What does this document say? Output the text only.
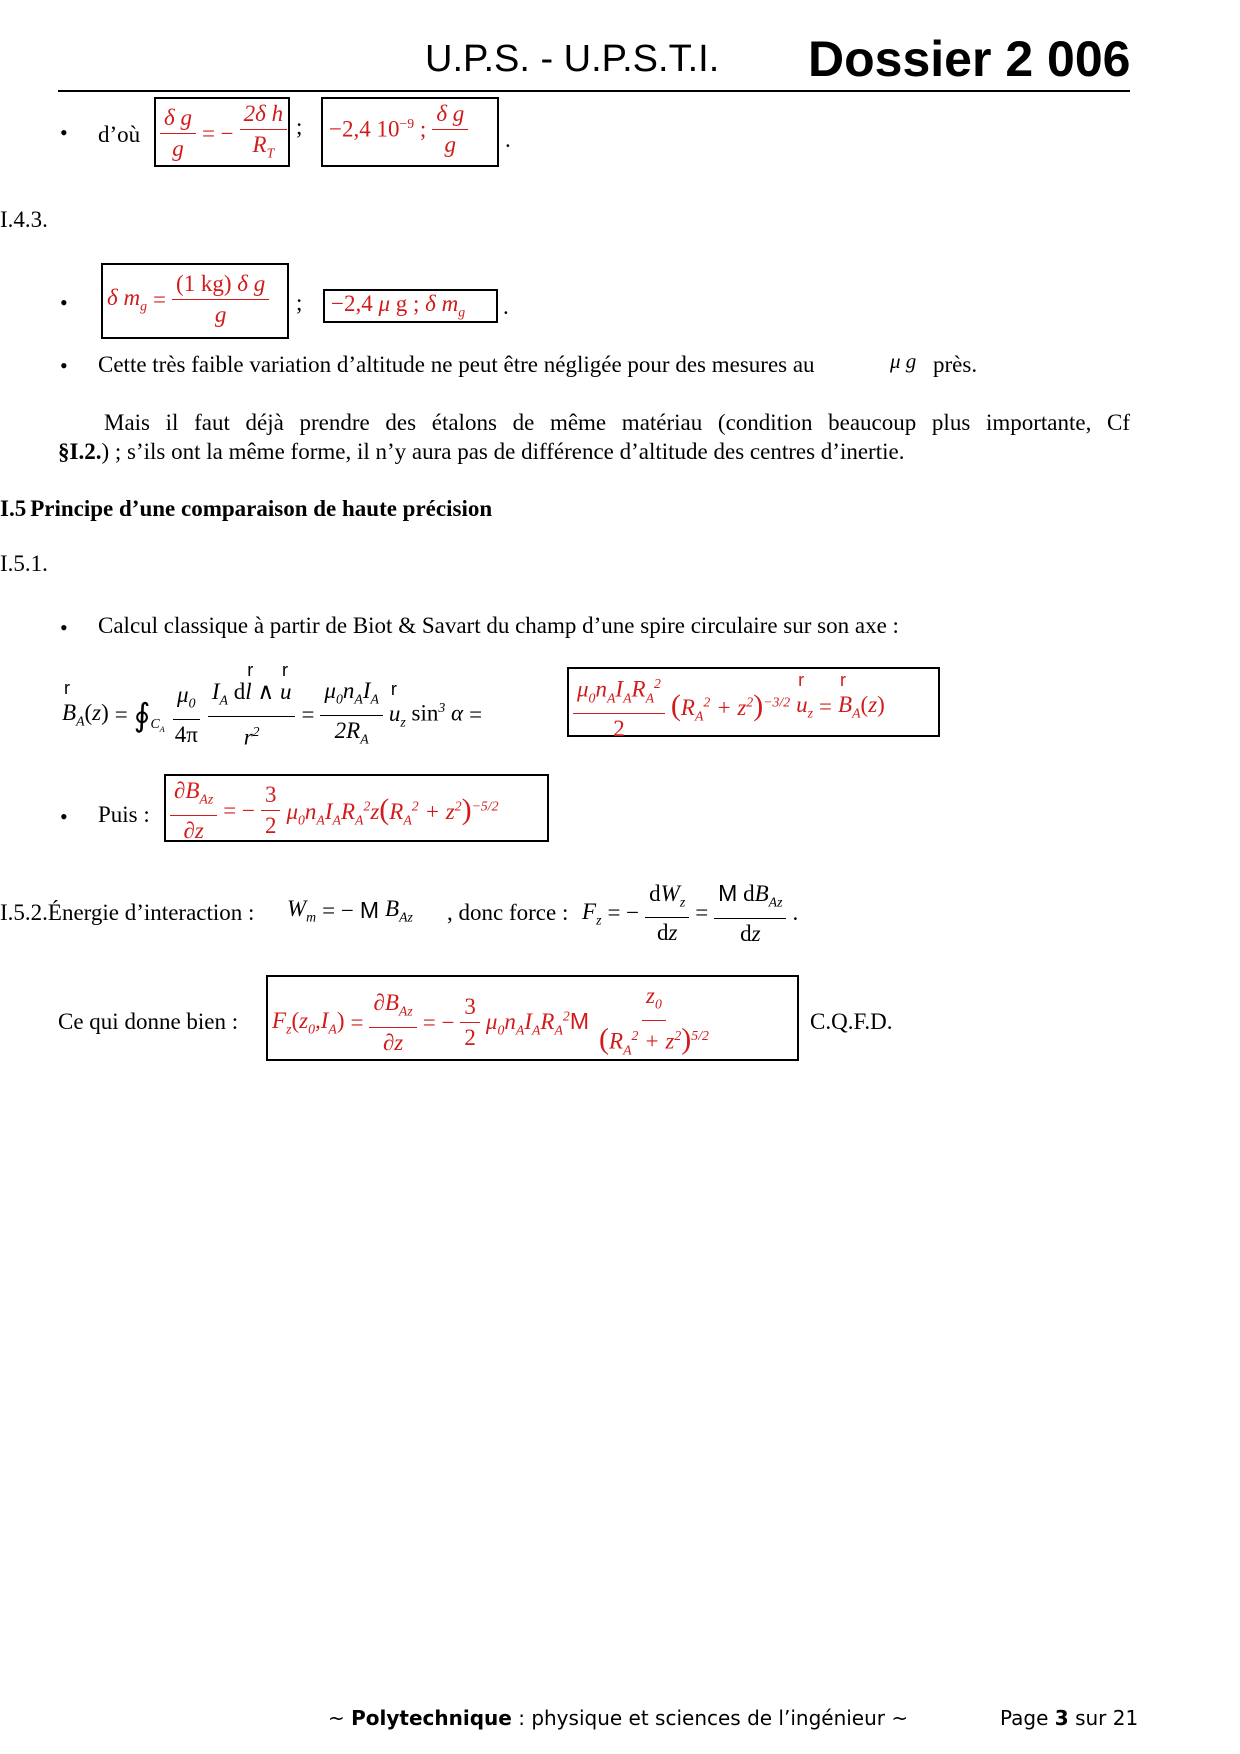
U.P.S. - U.P.S.T.I. Dossier 2 006
• d’où $\frac{\text{δ g}}{g}$ = − $\frac{\text{2δ h}}{R_T}$ ; −2,4 $10^{-9}$ ; $\frac{\text{δ g}}{g}$ .
I.4.3.
• δ $m_g = \frac{\text{(1 kg) δ g}}{g}$ ; −2,4 μ g ; δ $m_g$ .
• Cette très faible variation d’altitude ne peut être négligée pour des mesures au	μ g près.
Mais il faut déjà prendre des étalons de même matériau (condition beaucoup plus importante, Cf
§I.2.) ; s’ils ont la même forme, il n’y aura pas de différence d’altitude des centres d’inertie.
I.5 Principe d’une comparaison de haute précision
I.5.1.
• Calcul classique à partir de Biot & Savart du champ d’une spire circulaire sur son axe :
r $B_A(z)$ = $∮_{C_A} \frac{\mu_0}{4\pi} \frac{I_A dr l \wedge r u}{r^2} = \frac{\mu_0n_AI_A}{2R_A}$
r $u_z$ $\sin^3 \alpha$ =	$\frac{\mu_0n_AI_AR_A^2}{2} (R_A^2 + z^2)^{-3/2}$
r $u_z$ =
r $B_A(z)$
• Puis : $\frac{\partial B_{Az}}{\partial z}$ = − $\frac{3}{2} \mu_0n_AI_AR_A^2z(R_A^2 + z^2)^{-5/2}$
I.5.2.Énergie d’interaction : $W_m$ = − M $B_{Az}$ , donc force : $F_z$ = − $\frac{dW_z}{dz} = \frac{M dB_{Az}}{dz}$ .
Ce qui donne bien : $F_z(z_0,I_A) = \frac{\partial B_{Az}}{\partial z}$ = − $\frac{3}{2} \mu_0n_AI_AR_A^2M \frac{z_0}{(R_A^2 + z^2)^{5/2}}$	C.Q.F.D.
~ Polytechnique : physique et sciences de l’ingénieur ~	Page 3 sur 21
